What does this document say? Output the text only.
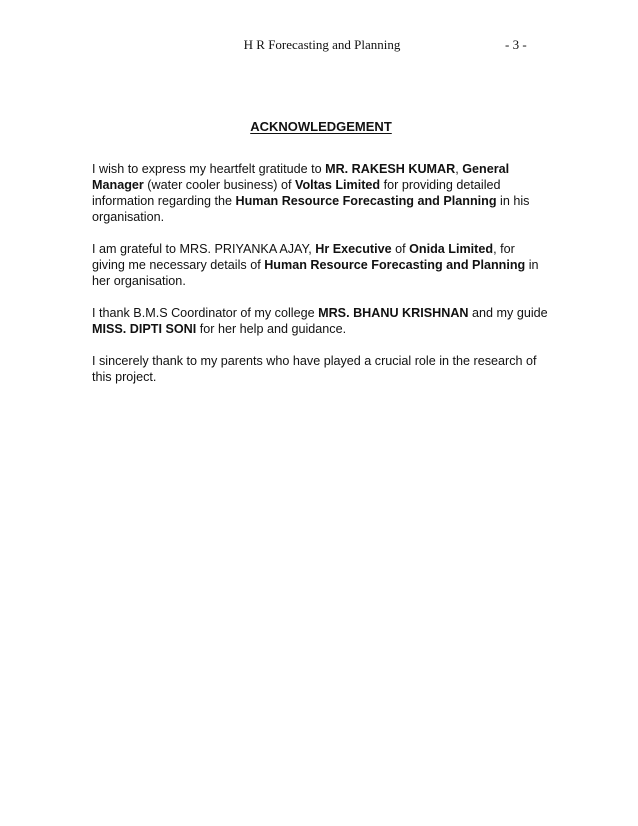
H R Forecasting and Planning	- 3 -
ACKNOWLEDGEMENT

I wish to express my heartfelt gratitude to MR. RAKESH KUMAR, General Manager (water cooler business) of Voltas Limited for providing detailed information regarding the Human Resource Forecasting and Planning in his organisation.

I am grateful to MRS. PRIYANKA AJAY, Hr Executive of Onida Limited, for giving me necessary details of Human Resource Forecasting and Planning in her organisation.

I thank B.M.S Coordinator of my college MRS. BHANU KRISHNAN and my guide MISS. DIPTI SONI for her help and guidance.

I sincerely thank to my parents who have played a crucial role in the research of this project.
